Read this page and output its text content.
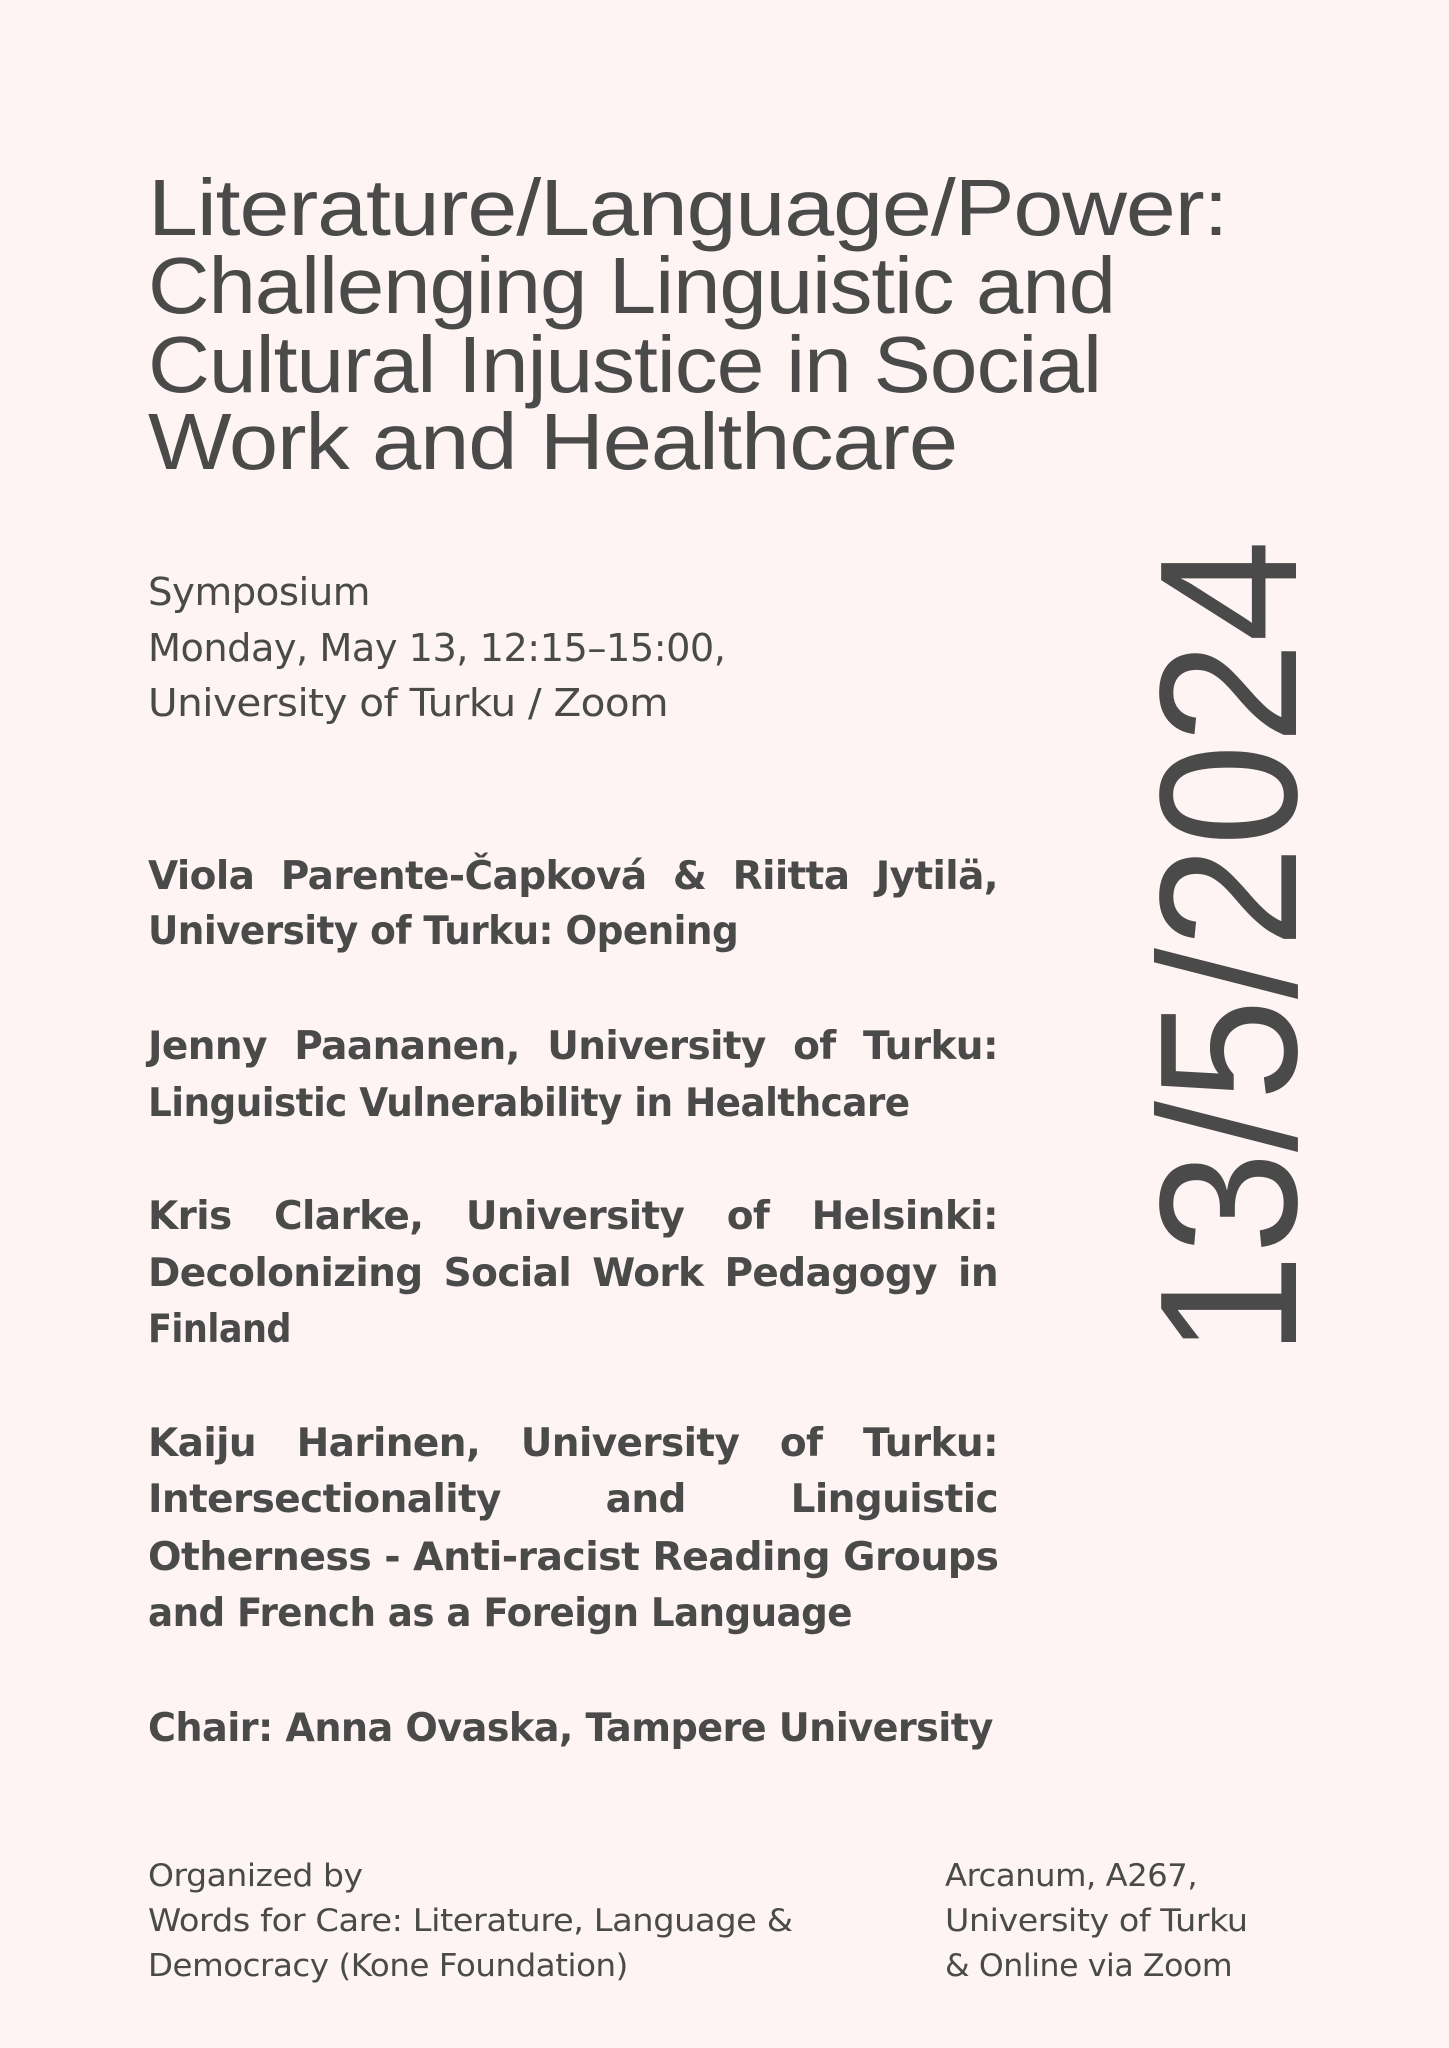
Literature/Language/Power:
Challenging Linguistic and
Cultural Injustice in Social
Work and Healthcare
Symposium
Monday, May 13, 12:15–15:00,
University of Turku / Zoom
Viola Parente-Čapková & Riitta Jytilä,
University of Turku: Opening
Jenny Paananen, University of Turku:
Linguistic Vulnerability in Healthcare
Kris Clarke, University of Helsinki:
Decolonizing Social Work Pedagogy in
Finland
Kaiju Harinen, University of Turku:
Intersectionality	and	Linguistic
Otherness - Anti-racist Reading Groups
and French as a Foreign Language
Chair: Anna Ovaska, Tampere University
13/5/2024
Organized by
Words for Care: Literature, Language &
Democracy (Kone Foundation)
Arcanum, A267,
University of Turku
& Online via Zoom
